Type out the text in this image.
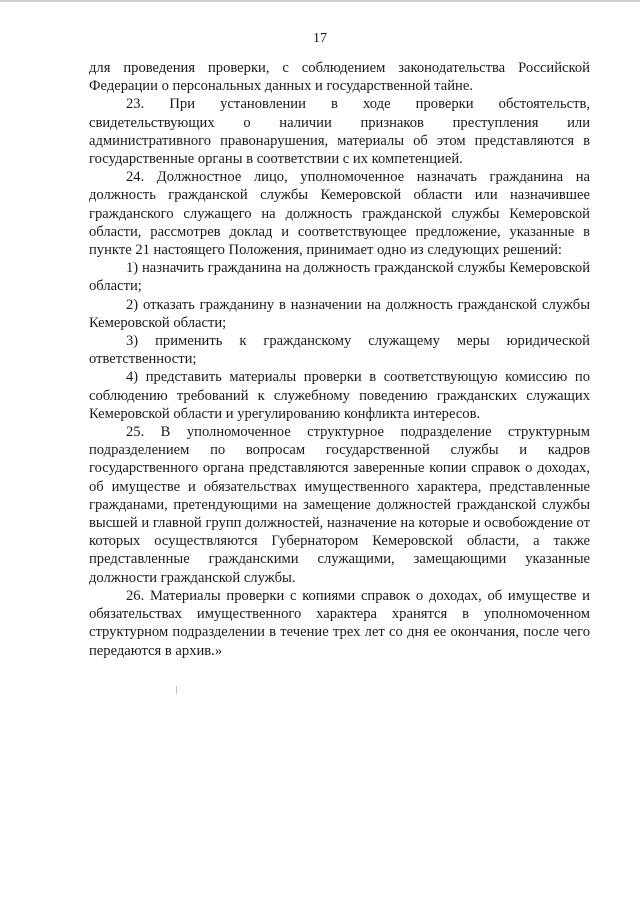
17

для проведения проверки, с соблюдением законодательства Российской Федерации о персональных данных и государственной тайне.

23. При установлении в ходе проверки обстоятельств, свидетельствующих о наличии признаков преступления или административного правонарушения, материалы об этом представляются в государственные органы в соответствии с их компетенцией.

24. Должностное лицо, уполномоченное назначать гражданина на должность гражданской службы Кемеровской области или назначившее гражданского служащего на должность гражданской службы Кемеровской области, рассмотрев доклад и соответствующее предложение, указанные в пункте 21 настоящего Положения, принимает одно из следующих решений:

1) назначить гражданина на должность гражданской службы Кемеровской области;

2) отказать гражданину в назначении на должность гражданской службы Кемеровской области;

3) применить к гражданскому служащему меры юридической ответственности;

4) представить материалы проверки в соответствующую комиссию по соблюдению требований к служебному поведению гражданских служащих Кемеровской области и урегулированию конфликта интересов.

25. В уполномоченное структурное подразделение структурным подразделением по вопросам государственной службы и кадров государственного органа представляются заверенные копии справок о доходах, об имуществе и обязательствах имущественного характера, представленные гражданами, претендующими на замещение должностей гражданской службы высшей и главной групп должностей, назначение на которые и освобождение от которых осуществляются Губернатором Кемеровской области, а также представленные гражданскими служащими, замещающими указанные должности гражданской службы.

26. Материалы проверки с копиями справок о доходах, об имуществе и обязательствах имущественного характера хранятся в уполномоченном структурном подразделении в течение трех лет со дня ее окончания, после чего передаются в архив.»
